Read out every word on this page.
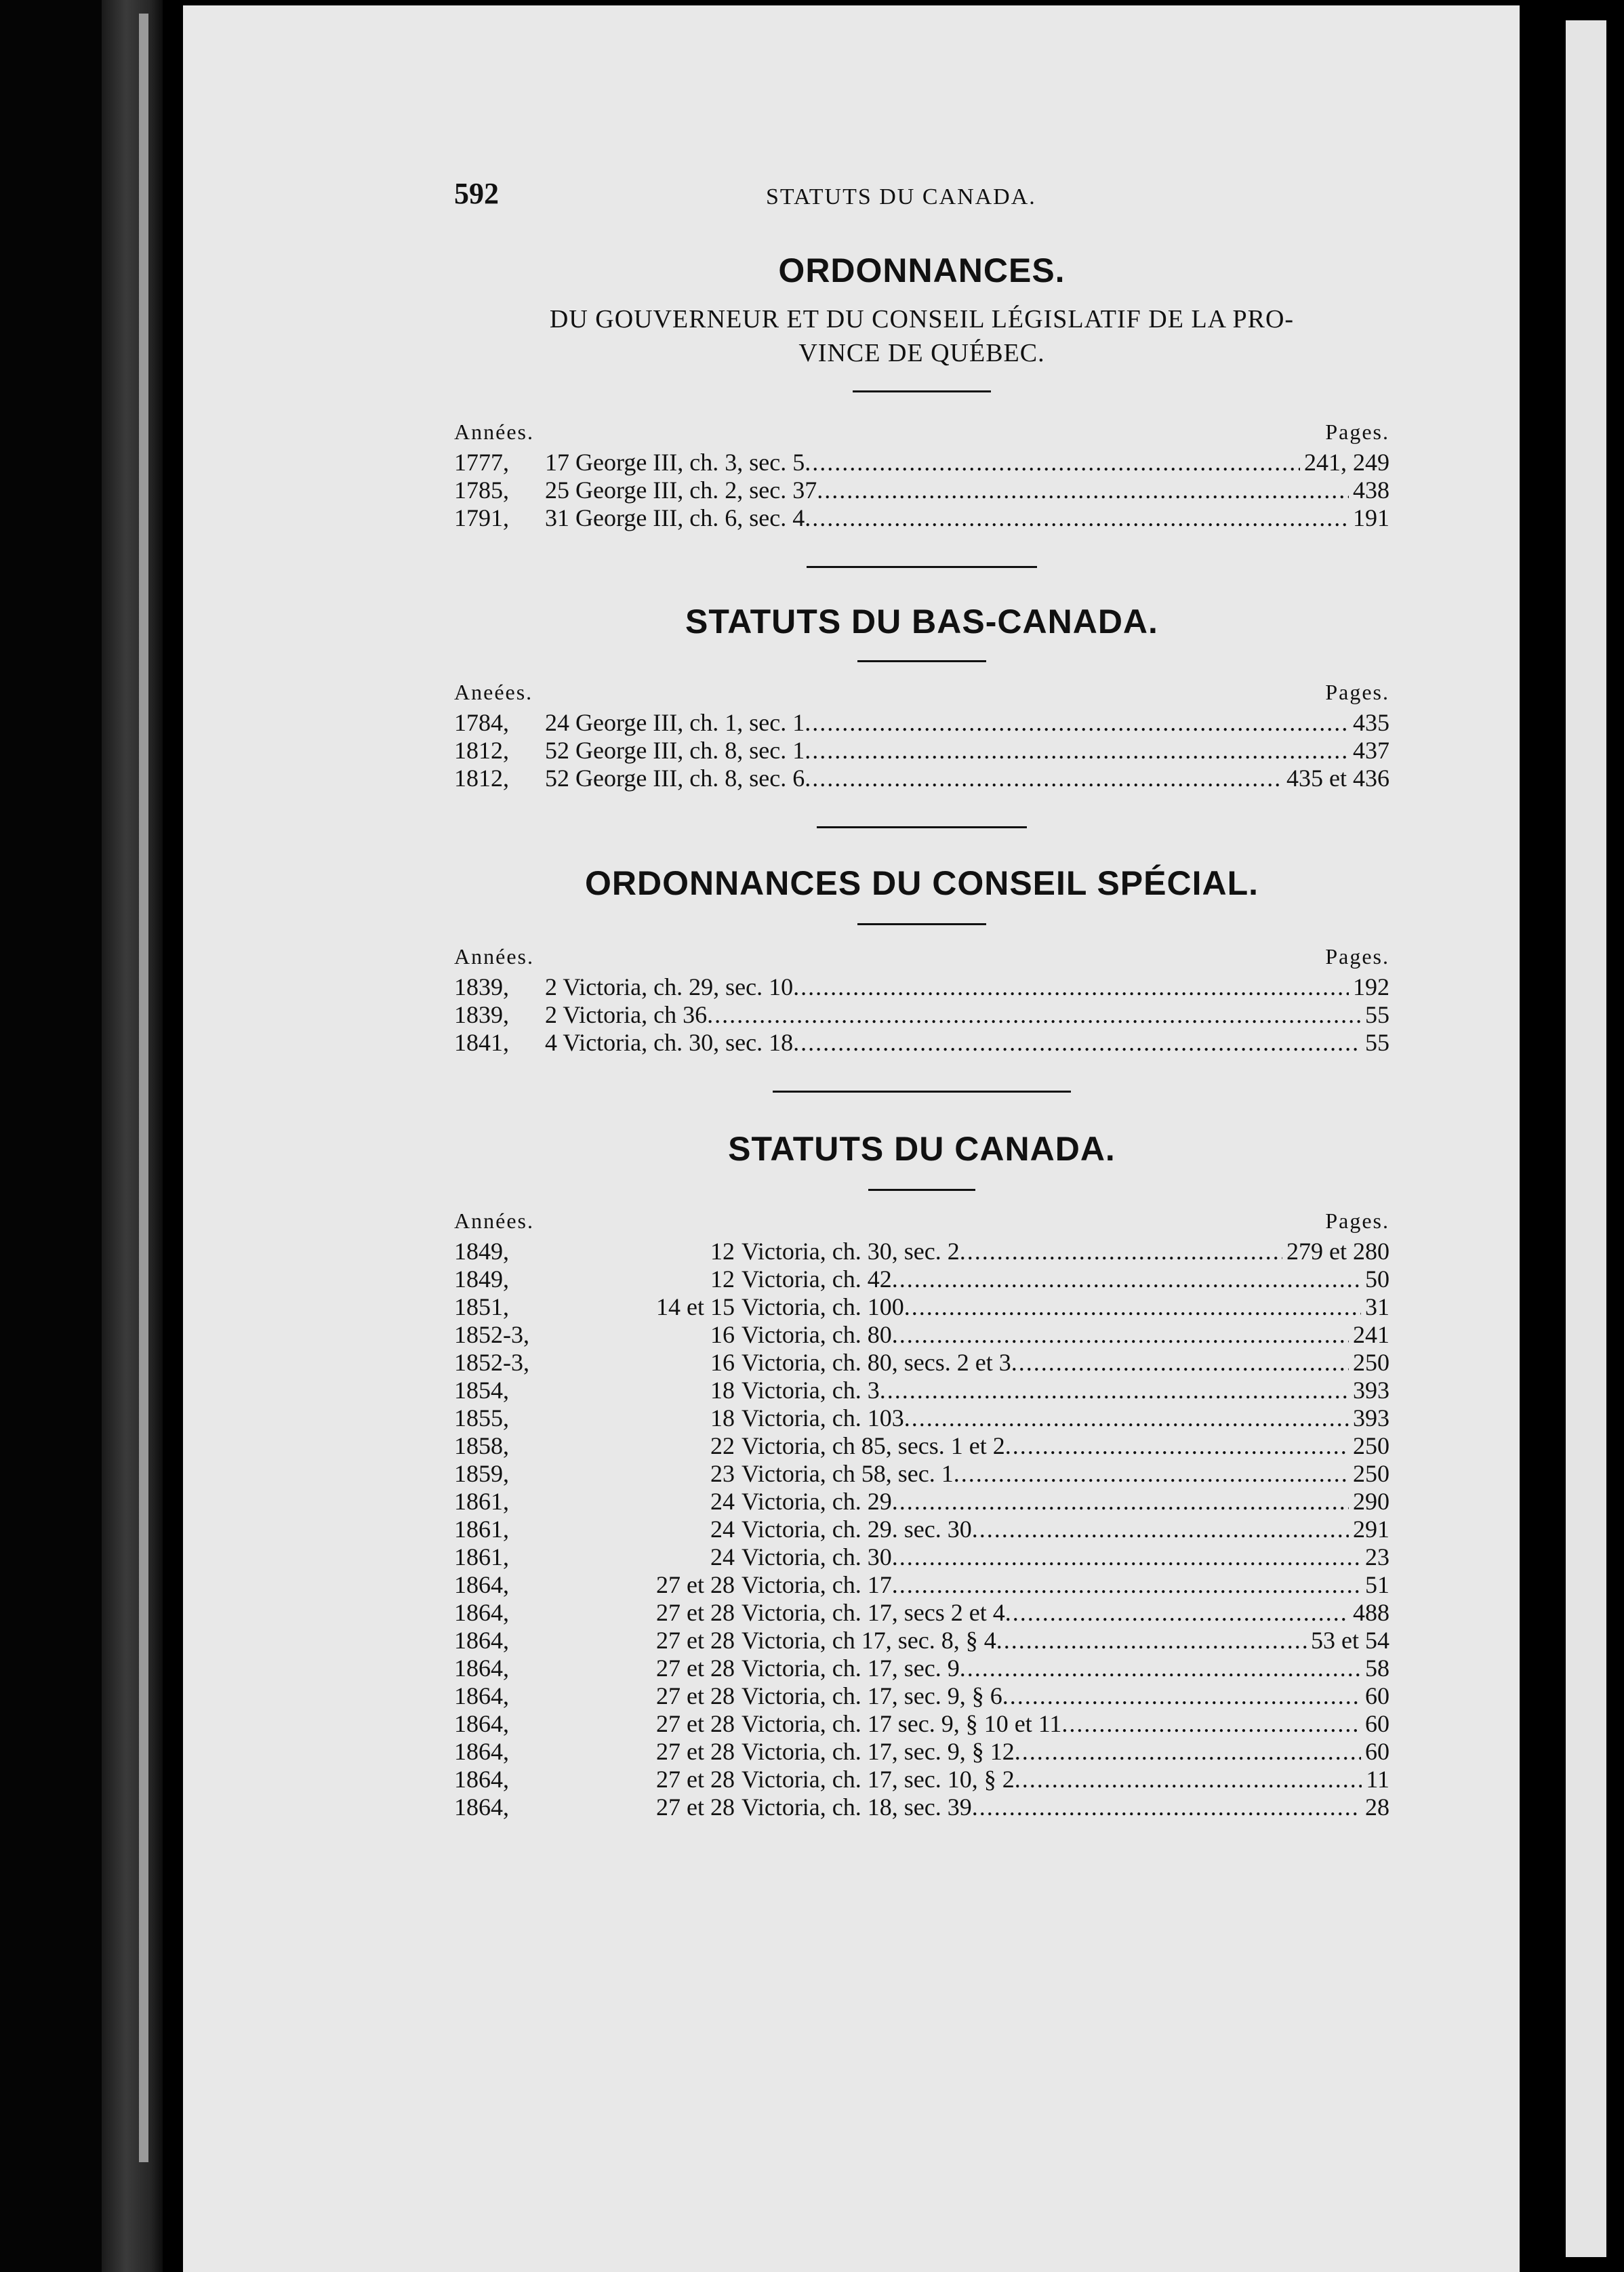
592	STATUTS DU CANADA.
ORDONNANCES.
DU GOUVERNEUR ET DU CONSEIL LÉGISLATIF DE LA PRO-
VINCE DE QUÉBEC.
Années.	Pages.
1777,	17 George III, ch. 3, sec. 5 .....	241, 249
1785,	25 George III, ch. 2, sec. 37 .....	438
1791,	31 George III, ch. 6, sec. 4 .....	191
STATUTS DU BAS-CANADA.
Aneées.	Pages.
1784,	24 George III, ch. 1, sec. 1 .....	435
1812,	52 George III, ch. 8, sec. 1 .....	437
1812,	52 George III, ch. 8, sec. 6 .....	435 et 436
ORDONNANCES DU CONSEIL SPÉCIAL.
Années.	Pages.
1839,	2 Victoria, ch. 29, sec. 10 .....	192
1839,	2 Victoria, ch 36 .....	55
1841,	4 Victoria, ch. 30, sec. 18 .....	55
STATUTS DU CANADA.
Années.	Pages.
1849,	12 Victoria, ch. 30, sec. 2 .....	279 et 280
1849,	12 Victoria, ch. 42 .....	50
1851,	14 et 15 Victoria, ch. 100 .....	31
1852-3,	16 Victoria, ch. 80 .....	241
1852-3,	16 Victoria, ch. 80, secs. 2 et 3 .....	250
1854,	18 Victoria, ch. 3 .....	393
1855,	18 Victoria, ch. 103 .....	393
1858,	22 Victoria, ch 85, secs. 1 et 2 .....	250
1859,	23 Victoria, ch 58, sec. 1 .....	250
1861,	24 Victoria, ch. 29 .....	290
1861,	24 Victoria, ch. 29. sec. 30 .....	291
1861,	24 Victoria, ch. 30 .....	23
1864,	27 et 28 Victoria, ch. 17 .....	51
1864,	27 et 28 Victoria, ch. 17, secs 2 et 4 .....	488
1864,	27 et 28 Victoria, ch 17, sec. 8, § 4 .....	53 et 54
1864,	27 et 28 Victoria, ch. 17, sec. 9 .....	58
1864,	27 et 28 Victoria, ch. 17, sec. 9, § 6 .....	60
1864,	27 et 28 Victoria, ch. 17 sec. 9, § 10 et 11 .....	60
1864,	27 et 28 Victoria, ch. 17, sec. 9, § 12 .....	60
1864,	27 et 28 Victoria, ch. 17, sec. 10, § 2 .....	11
1864,	27 et 28 Victoria, ch. 18, sec. 39 .....	28
